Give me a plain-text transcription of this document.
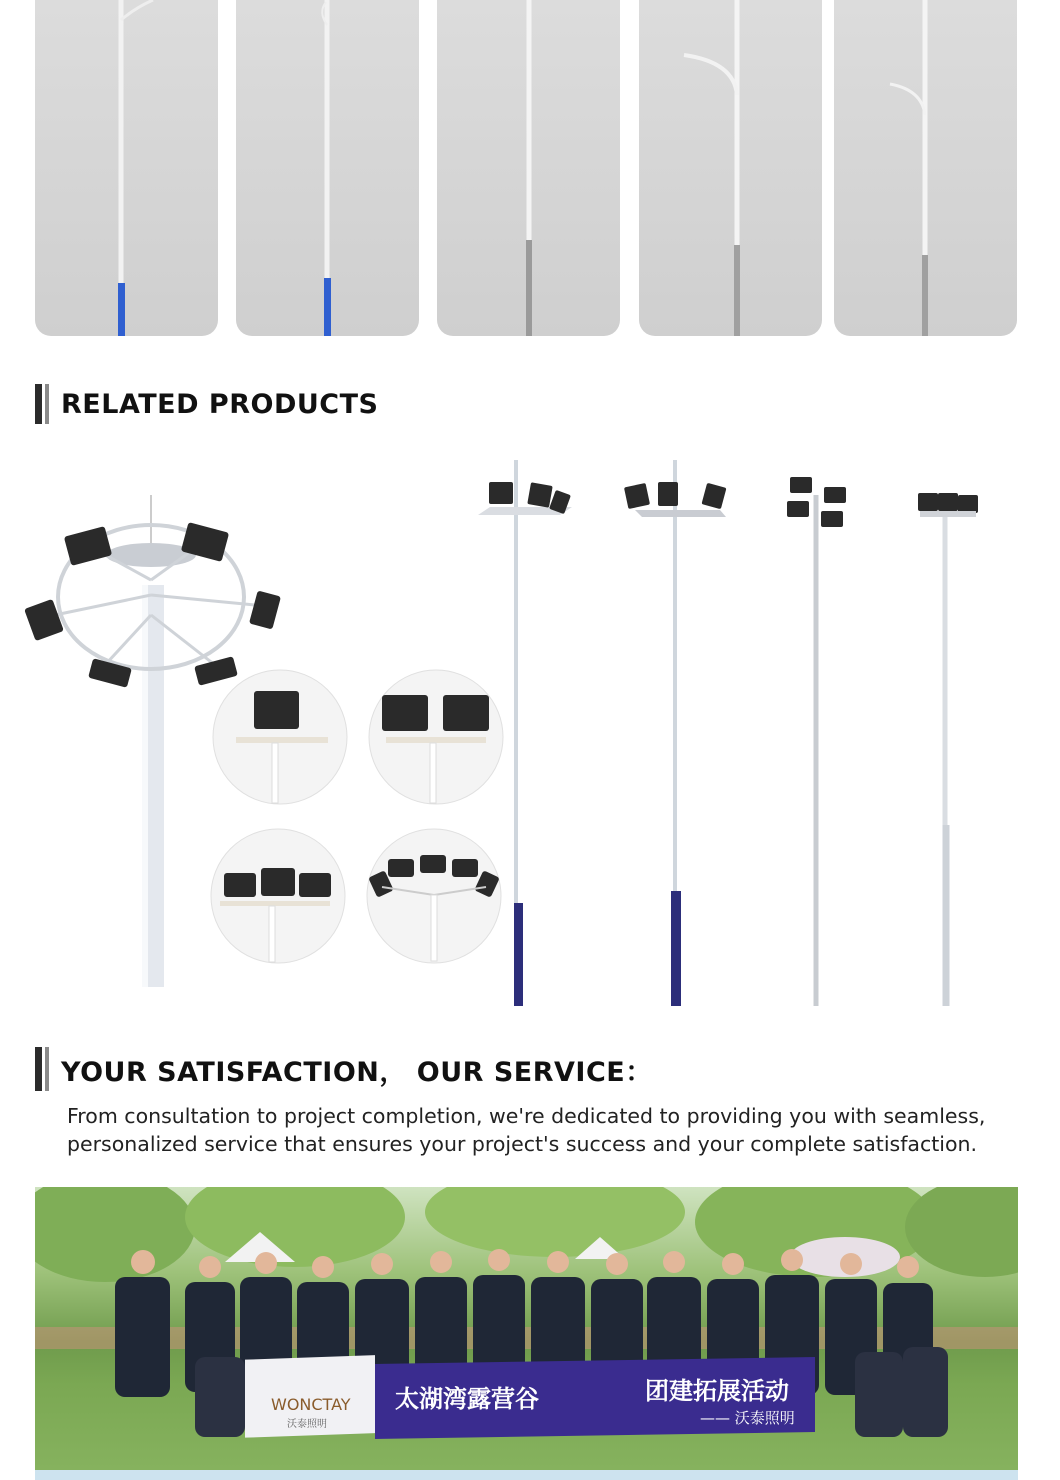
RELATED PRODUCTS
YOUR SATISFACTION， OUR SERVICE：

From consultation to project completion, we're dedicated to providing you with seamless, personalized service that ensures your project's success and your complete satisfaction.

WONCTAY
沃泰照明
太湖湾露营谷	团建拓展活动
—— 沃泰照明
